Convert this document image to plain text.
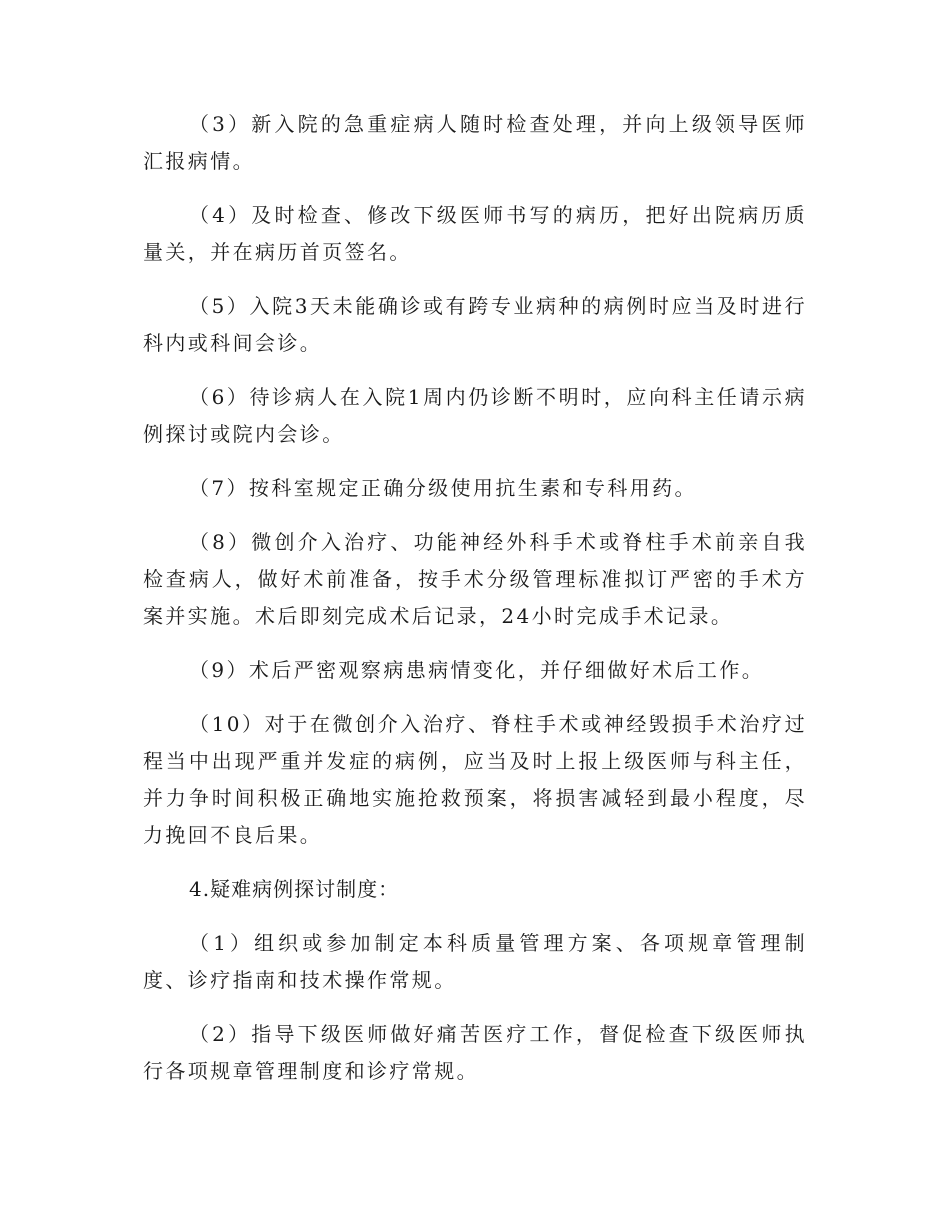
（3）新入院的急重症病人随时检查处理，并向上级领导医师汇报病情。

（4）及时检查、修改下级医师书写的病历，把好出院病历质量关，并在病历首页签名。

（5）入院3天未能确诊或有跨专业病种的病例时应当及时进行科内或科间会诊。

（6）待诊病人在入院1周内仍诊断不明时，应向科主任请示病例探讨或院内会诊。

（7）按科室规定正确分级使用抗生素和专科用药。

（8）微创介入治疗、功能神经外科手术或脊柱手术前亲自我检查病人，做好术前准备，按手术分级管理标准拟订严密的手术方案并实施。术后即刻完成术后记录，24小时完成手术记录。

（9）术后严密观察病患病情变化，并仔细做好术后工作。

（10）对于在微创介入治疗、脊柱手术或神经毁损手术治疗过程当中出现严重并发症的病例，应当及时上报上级医师与科主任，并力争时间积极正确地实施抢救预案，将损害减轻到最小程度，尽力挽回不良后果。

4.疑难病例探讨制度：

（1）组织或参加制定本科质量管理方案、各项规章管理制度、诊疗指南和技术操作常规。

（2）指导下级医师做好痛苦医疗工作，督促检查下级医师执行各项规章管理制度和诊疗常规。
